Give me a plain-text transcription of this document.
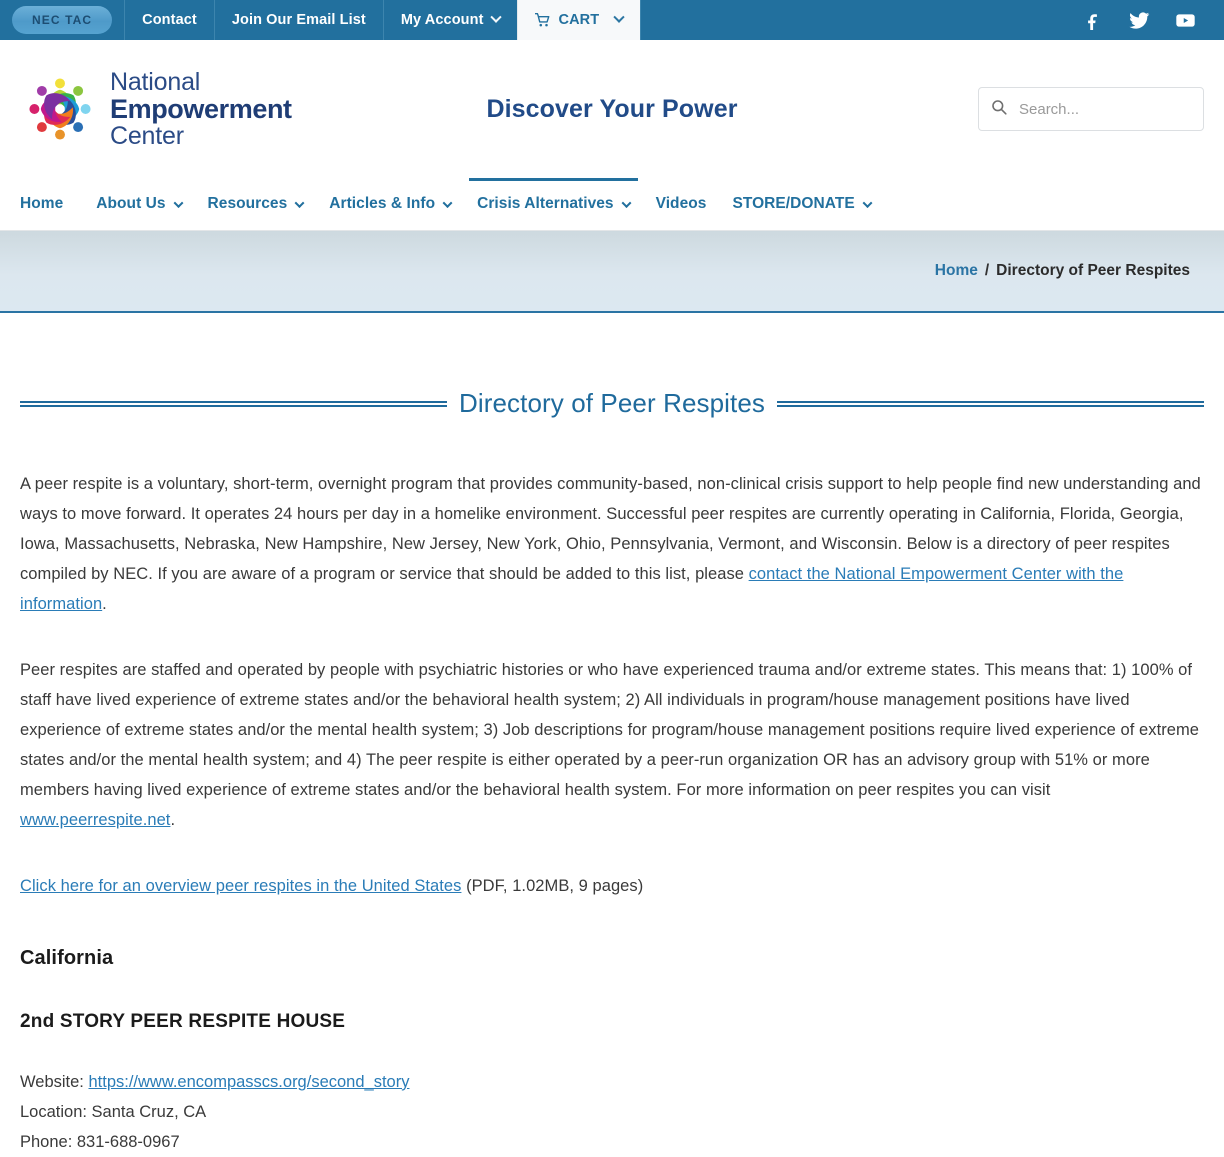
NEC TAC	Contact Join Our Email List My Account	CART
National
Empowerment
Center
Discover Your Power
Search...
Home About Us	Resources	Articles & Info	Crisis Alternatives	Videos STORE/DONATE
Home / Directory of Peer Respites
Directory of Peer Respites

A peer respite is a voluntary, short-term, overnight program that provides community-based, non-clinical crisis support to help people find new understanding and ways to move forward. It operates 24 hours per day in a homelike environment. Successful peer respites are currently operating in California, Florida, Georgia, Iowa, Massachusetts, Nebraska, New Hampshire, New Jersey, New York, Ohio, Pennsylvania, Vermont, and Wisconsin. Below is a directory of peer respites compiled by NEC. If you are aware of a program or service that should be added to this list, please contact the National Empowerment Center with the information.

Peer respites are staffed and operated by people with psychiatric histories or who have experienced trauma and/or extreme states. This means that: 1) 100% of staff have lived experience of extreme states and/or the behavioral health system; 2) All individuals in program/house management positions have lived experience of extreme states and/or the mental health system; 3) Job descriptions for program/house management positions require lived experience of extreme states and/or the mental health system; and 4) The peer respite is either operated by a peer-run organization OR has an advisory group with 51% or more members having lived experience of extreme states and/or the behavioral health system. For more information on peer respites you can visit www.peerrespite.net.

Click here for an overview peer respites in the United States (PDF, 1.02MB, 9 pages)

California
2nd STORY PEER RESPITE HOUSE
Website: https://www.encompasscs.org/second_story
Location: Santa Cruz, CA
Phone: 831-688-0967
